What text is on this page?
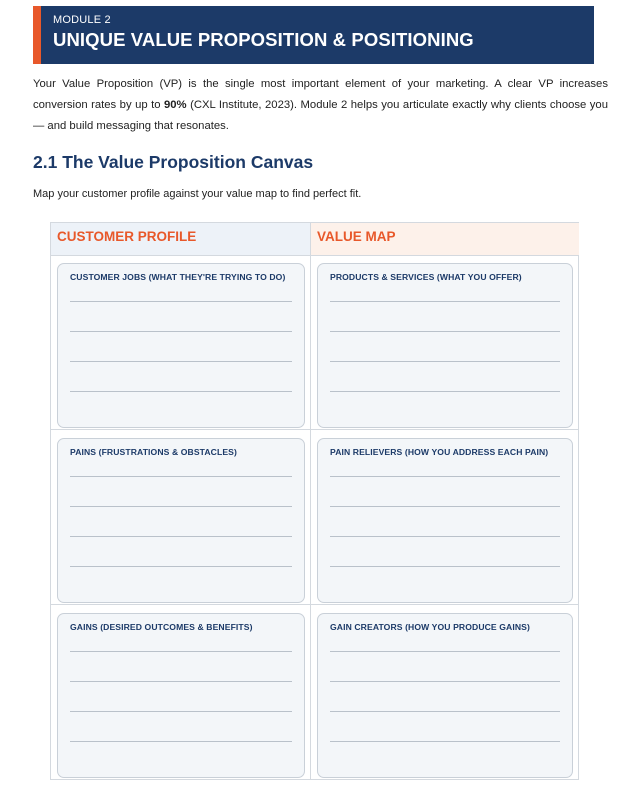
MODULE 2
UNIQUE VALUE PROPOSITION & POSITIONING

Your Value Proposition (VP) is the single most important element of your marketing. A clear VP increases conversion rates by up to 90% (CXL Institute, 2023). Module 2 helps you articulate exactly why clients choose you — and build messaging that resonates.

2.1 The Value Proposition Canvas
Map your customer profile against your value map to find perfect fit.
CUSTOMER PROFILE	VALUE MAP
CUSTOMER JOBS (WHAT THEY'RE TRYING TO DO)	PRODUCTS & SERVICES (WHAT YOU OFFER)
PAINS (FRUSTRATIONS & OBSTACLES)	PAIN RELIEVERS (HOW YOU ADDRESS EACH PAIN)
GAINS (DESIRED OUTCOMES & BENEFITS)	GAIN CREATORS (HOW YOU PRODUCE GAINS)
